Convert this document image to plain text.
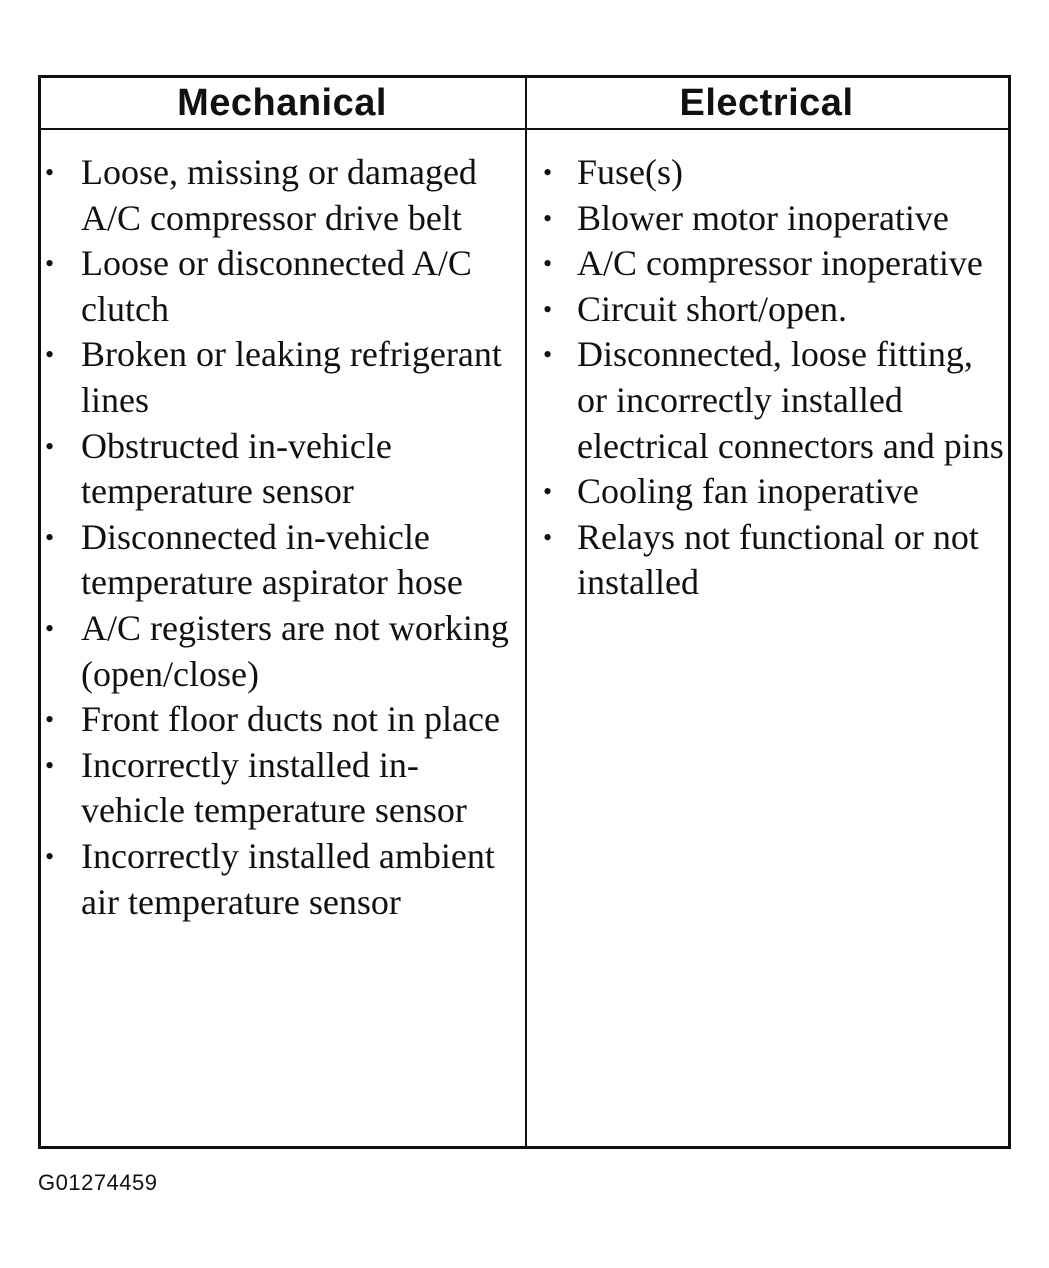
Mechanical	Electrical
• Loose, missing or damaged A/C compressor drive belt
• Loose or disconnected A/C clutch
• Broken or leaking refrigerant lines
• Obstructed in-vehicle temperature sensor
• Disconnected in-vehicle temperature aspirator hose
• A/C registers are not working (open/close)
• Front floor ducts not in place
• Incorrectly installed in-vehicle temperature sensor
• Incorrectly installed ambient air temperature sensor
• Fuse(s)
• Blower motor inoperative
• A/C compressor inoperative
• Circuit short/open.
• Disconnected, loose fitting, or incorrectly installed electrical connectors and pins
• Cooling fan inoperative
• Relays not functional or not installed
G01274459
